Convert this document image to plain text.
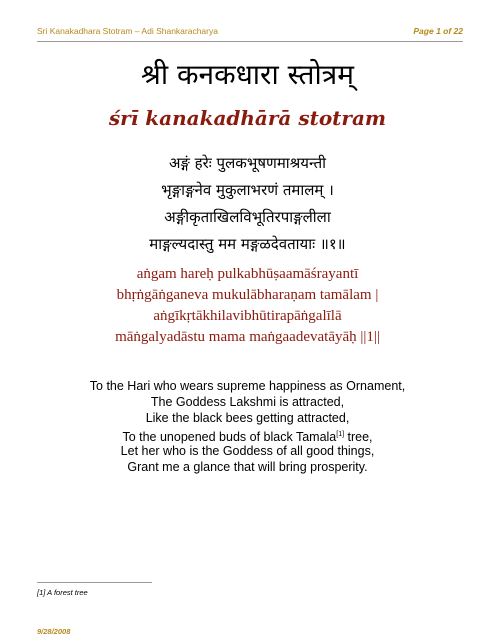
Sri Kanakadhara Stotram – Adi Shankaracharya	Page 1 of 22
श्री कनकधारा स्तोत्रम्
śrī kanakadhārā stotram
अङ्गं हरेः पुलकभूषणमाश्रयन्ती
भृङ्गाङ्गनेव मुकुलाभरणं तमालम् ।
अङ्गीकृताखिलविभूतिरपाङ्गलीला
माङ्गल्यदास्तु मम मङ्गळदेवतायाः ॥१॥
aṅgam hareḥ pulkabhūṣaamāśrayantī
bhṛṅgāṅganeva mukulābharaṇam tamālam |
aṅgīkṛtākhilavibhūtirapāṅgalīlā
māṅgalyadāstu mama maṅgaadevatāyāḥ ||1||
To the Hari who wears supreme happiness as Ornament,
The Goddess Lakshmi is attracted,
Like the black bees getting attracted,
To the unopened buds of black Tamala[1] tree,
Let her who is the Goddess of all good things,
Grant me a glance that will bring prosperity.
[1] A forest tree
9/28/2008
